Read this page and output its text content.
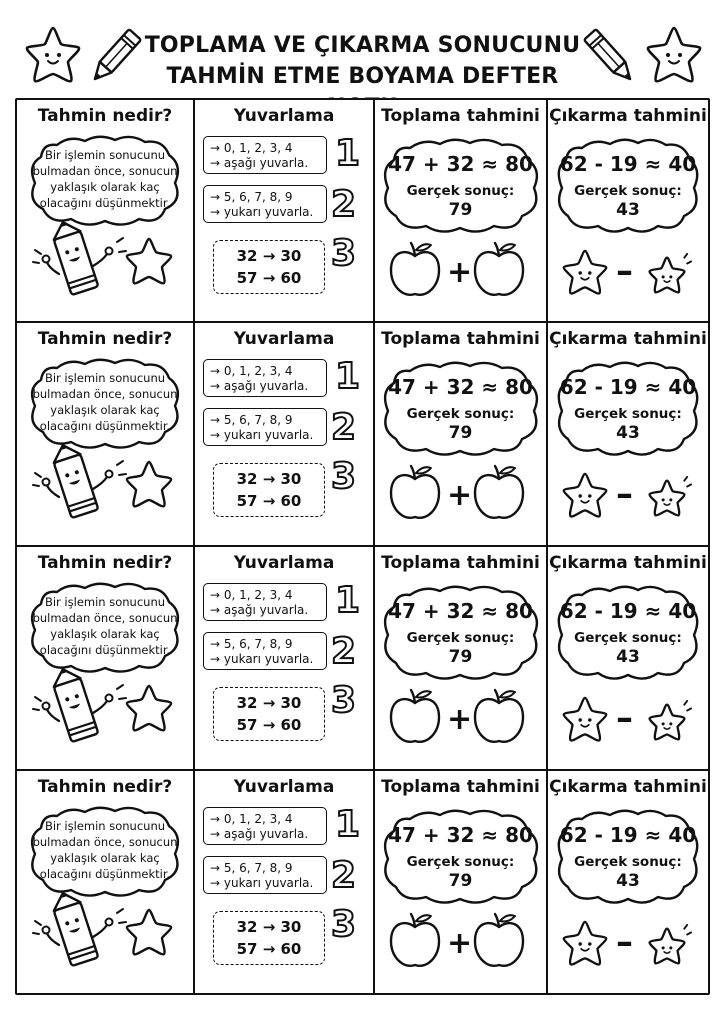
TOPLAMA VE ÇIKARMA SONUCUNU
TAHMİN ETME BOYAMA DEFTER
Tahmin nedir?
Bir işlemin sonucunu
bulmadan önce, sonucun
yaklaşık olarak kaç
olacağını düşünmektir.
Yuvarlama
→ 0, 1, 2, 3, 4
→ aşağı yuvarla.
→ 5, 6, 7, 8, 9
→ yukarı yuvarla.
32 → 30
57 → 60
1
2
3
Toplama tahmini
47 + 32 ≈ 80
Gerçek sonuç:
79
+
Çıkarma tahmini
62 - 19 ≈ 40
Gerçek sonuç:
43
–
Tahmin nedir?
Bir işlemin sonucunu
bulmadan önce, sonucun
yaklaşık olarak kaç
olacağını düşünmektir.
Yuvarlama
→ 0, 1, 2, 3, 4
→ aşağı yuvarla.
→ 5, 6, 7, 8, 9
→ yukarı yuvarla.
32 → 30
57 → 60
1
2
3
Toplama tahmini
47 + 32 ≈ 80
Gerçek sonuç:
79
+
Çıkarma tahmini
62 - 19 ≈ 40
Gerçek sonuç:
43
–
Tahmin nedir?
Bir işlemin sonucunu
bulmadan önce, sonucun
yaklaşık olarak kaç
olacağını düşünmektir.
Yuvarlama
→ 0, 1, 2, 3, 4
→ aşağı yuvarla.
→ 5, 6, 7, 8, 9
→ yukarı yuvarla.
32 → 30
57 → 60
1
2
3
Toplama tahmini
47 + 32 ≈ 80
Gerçek sonuç:
79
+
Çıkarma tahmini
62 - 19 ≈ 40
Gerçek sonuç:
43
–
Tahmin nedir?
Bir işlemin sonucunu
bulmadan önce, sonucun
yaklaşık olarak kaç
olacağını düşünmektir.
Yuvarlama
→ 0, 1, 2, 3, 4
→ aşağı yuvarla.
→ 5, 6, 7, 8, 9
→ yukarı yuvarla.
32 → 30
57 → 60
1
2
3
Toplama tahmini
47 + 32 ≈ 80
Gerçek sonuç:
79
+
Çıkarma tahmini
62 - 19 ≈ 40
Gerçek sonuç:
43
–
